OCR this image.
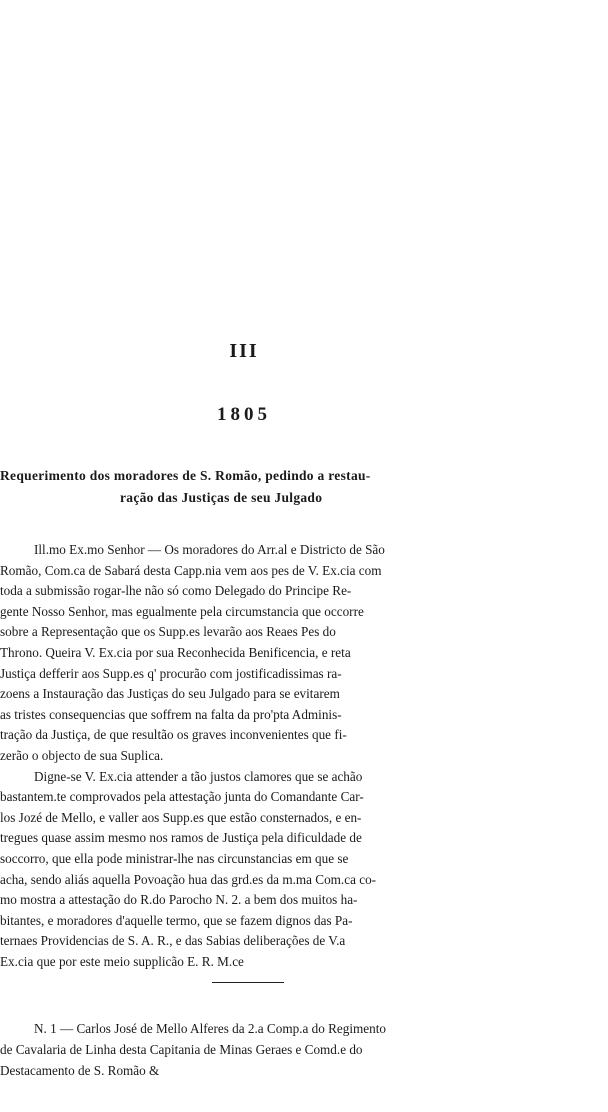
III
1805
Requerimento dos moradores de S. Romão, pedindo a restau-
ração das Justiças de seu Julgado
Ill.mo Ex.mo Senhor — Os moradores do Arr.al e Districto de São
Romão, Com.ca de Sabará desta Capp.nia vem aos pes de V. Ex.cia com
toda a submissão rogar-lhe não só como Delegado do Principe Re-
gente Nosso Senhor, mas egualmente pela circumstancia que occorre
sobre a Representação que os Supp.es levarão aos Reaes Pes do
Throno. Queira V. Ex.cia por sua Reconhecida Benificencia, e reta
Justiça defferir aos Supp.es q' procurão com jostificadissimas ra-
zoens a Instauração das Justiças do seu Julgado para se evitarem
as tristes consequencias que soffrem na falta da pro'pta Adminis-
tração da Justiça, de que resultão os graves inconvenientes que fi-
zerão o objecto de sua Suplica.
Digne-se V. Ex.cia attender a tão justos clamores que se achão
bastantem.te comprovados pela attestação junta do Comandante Car-
los Jozé de Mello, e valler aos Supp.es que estão consternados, e en-
tregues quase assim mesmo nos ramos de Justiça pela dificuldade de
soccorro, que ella pode ministrar-lhe nas circunstancias em que se
acha, sendo aliás aquella Povoação hua das grd.es da m.ma Com.ca co-
mo mostra a attestação do R.do Parocho N. 2. a bem dos muitos ha-
bitantes, e moradores d'aquelle termo, que se fazem dignos das Pa-
ternaes Providencias de S. A. R., e das Sabias deliberações de V.a
Ex.cia que por este meio supplicão E. R. M.ce
N. 1 — Carlos José de Mello Alferes da 2.a Comp.a do Regimento
de Cavalaria de Linha desta Capitania de Minas Geraes e Comd.e do
Destacamento de S. Romão &
